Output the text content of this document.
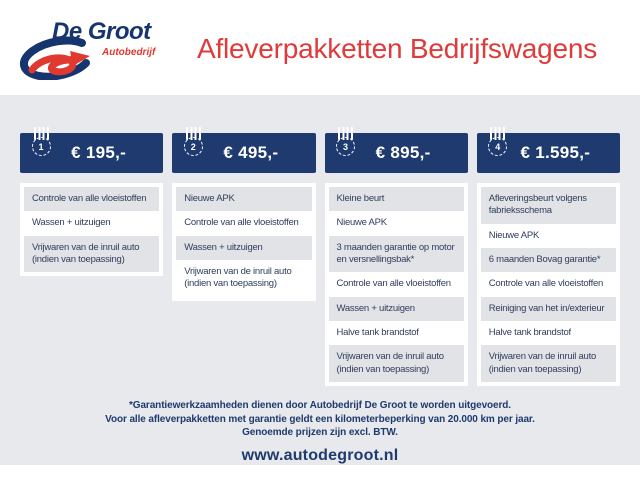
De Groot
Autobedrijf	Afleverpakketten Bedrijfswagens
1	€ 195,-
Controle van alle vloeistoffen
Wassen + uitzuigen
Vrijwaren van de inruil auto (indien van toepassing)
2	€ 495,-
Nieuwe APK
Controle van alle vloeistoffen
Wassen + uitzuigen
Vrijwaren van de inruil auto (indien van toepassing)
3	€ 895,-
Kleine beurt
Nieuwe APK
3 maanden garantie op motor en versnellingsbak*
Controle van alle vloeistoffen
Wassen + uitzuigen
Halve tank brandstof
Vrijwaren van de inruil auto (indien van toepassing)
4	€ 1.595,-
Afleveringsbeurt volgens fabrieksschema
Nieuwe APK
6 maanden Bovag garantie*
Controle van alle vloeistoffen
Reiniging van het in/exterieur
Halve tank brandstof
Vrijwaren van de inruil auto (indien van toepassing)
*Garantiewerkzaamheden dienen door Autobedrijf De Groot te worden uitgevoerd.
Voor alle afleverpakketten met garantie geldt een kilometerbeperking van 20.000 km per jaar.
Genoemde prijzen zijn excl. BTW.
www.autodegroot.nl
